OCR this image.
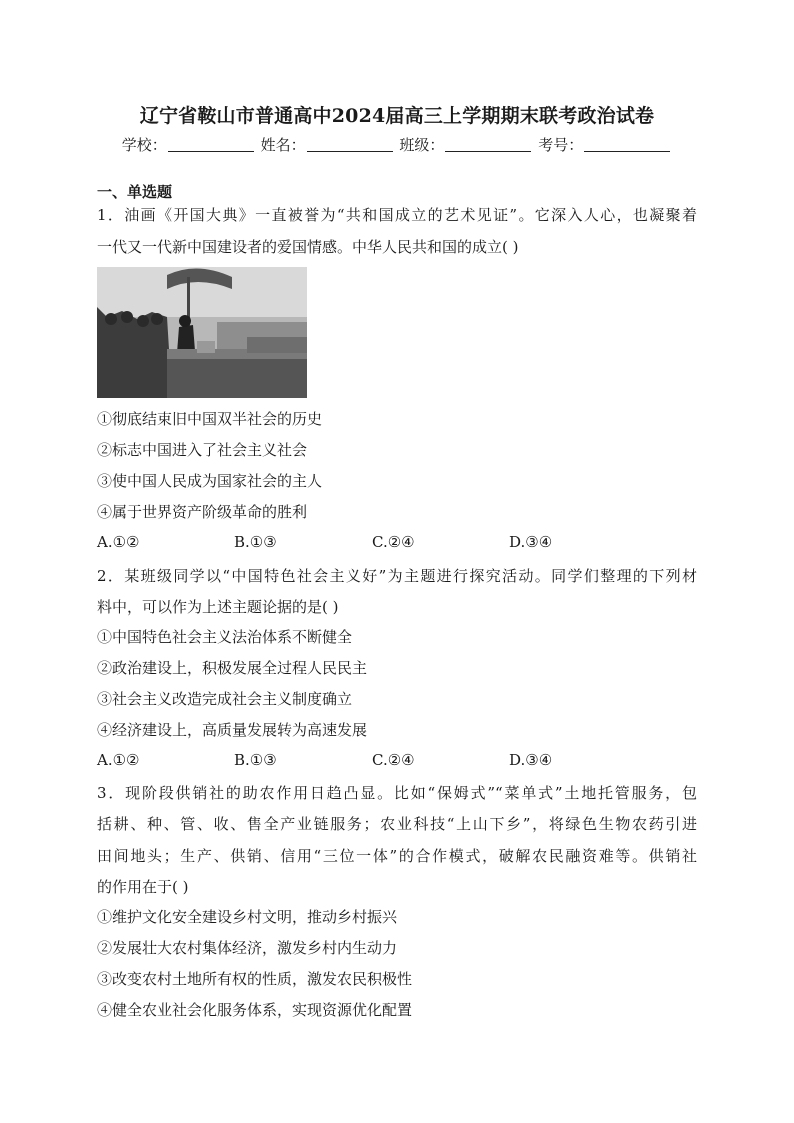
辽宁省鞍山市普通高中2024届高三上学期期末联考政治试卷
学校：	姓名：	班级：	考号：
一、单选题
1．油画《开国大典》一直被誉为“共和国成立的艺术见证”。它深入人心，也凝聚着
一代又一代新中国建设者的爱国情感。中华人民共和国的成立( )
①彻底结束旧中国双半社会的历史
②标志中国进入了社会主义社会
③使中国人民成为国家社会的主人
④属于世界资产阶级革命的胜利
A.①②	B.①③	C.②④	D.③④
2．某班级同学以“中国特色社会主义好”为主题进行探究活动。同学们整理的下列材
料中，可以作为上述主题论据的是( )
①中国特色社会主义法治体系不断健全
②政治建设上，积极发展全过程人民民主
③社会主义改造完成社会主义制度确立
④经济建设上，高质量发展转为高速发展
A.①②	B.①③	C.②④	D.③④
3．现阶段供销社的助农作用日趋凸显。比如“保姆式”“菜单式”土地托管服务，包
括耕、种、管、收、售全产业链服务；农业科技“上山下乡”，将绿色生物农药引进
田间地头；生产、供销、信用“三位一体”的合作模式，破解农民融资难等。供销社
的作用在于( )
①维护文化安全建设乡村文明，推动乡村振兴
②发展壮大农村集体经济，激发乡村内生动力
③改变农村土地所有权的性质，激发农民积极性
④健全农业社会化服务体系，实现资源优化配置
